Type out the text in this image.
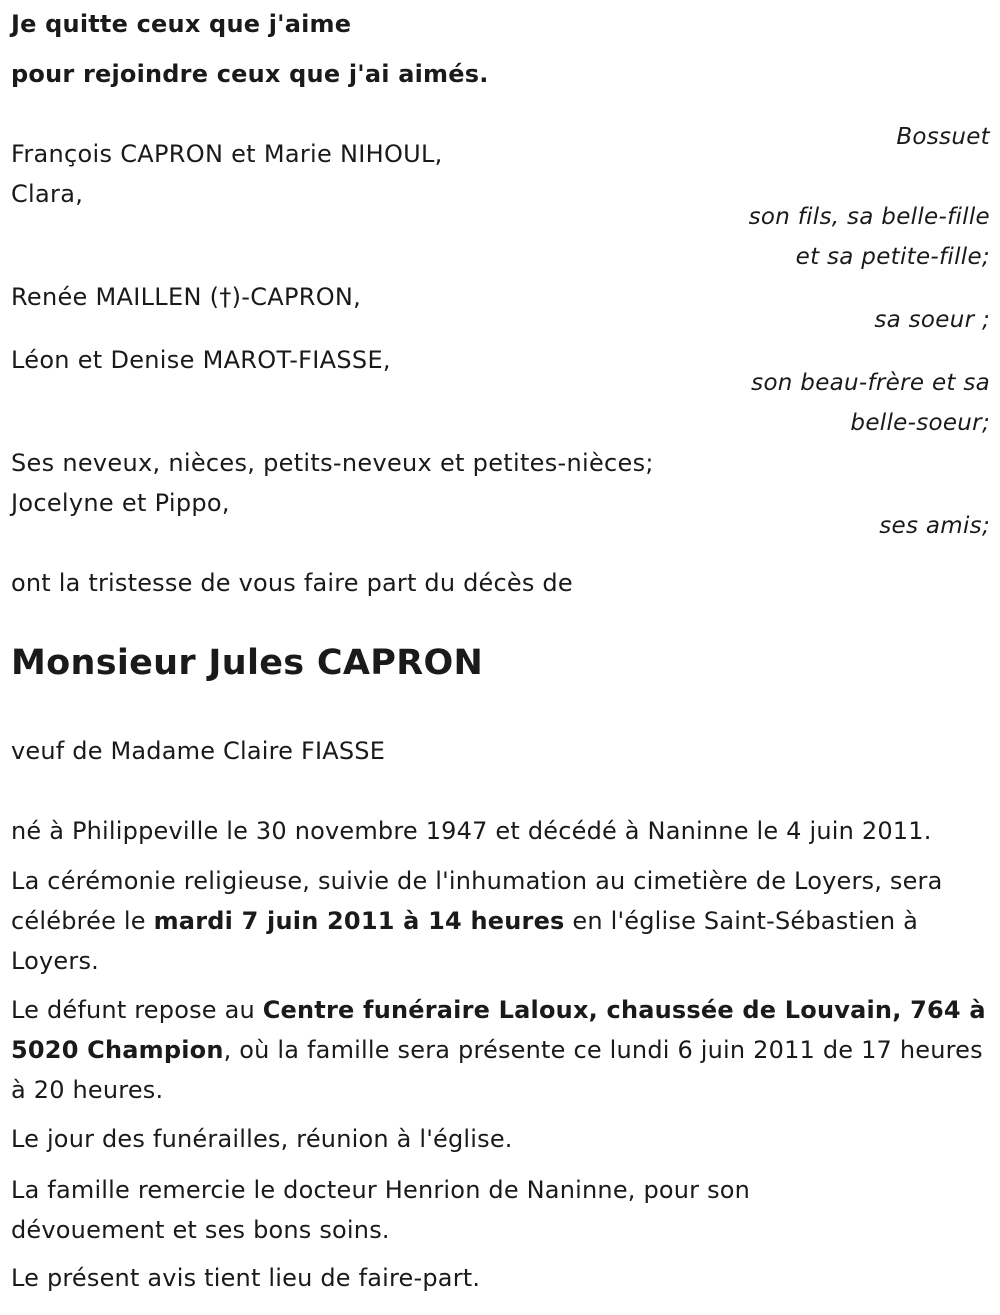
Je quitte ceux que j'aime
pour rejoindre ceux que j'ai aimés.
Bossuet
François CAPRON et Marie NIHOUL,
Clara,
son fils, sa belle-fille
et sa petite-fille;
Renée MAILLEN (†)-CAPRON,
sa soeur ;
Léon et Denise MAROT-FIASSE,
son beau-frère et sa
belle-soeur;
Ses neveux, nièces, petits-neveux et petites-nièces;
Jocelyne et Pippo,
ses amis;
ont la tristesse de vous faire part du décès de
Monsieur Jules CAPRON
veuf de Madame Claire FIASSE
né à Philippeville le 30 novembre 1947 et décédé à Naninne le 4 juin 2011.
La cérémonie religieuse, suivie de l'inhumation au cimetière de Loyers, sera célébrée le mardi 7 juin 2011 à 14 heures en l'église Saint-Sébastien à Loyers.
Le défunt repose au Centre funéraire Laloux, chaussée de Louvain, 764 à 5020 Champion, où la famille sera présente ce lundi 6 juin 2011 de 17 heures à 20 heures.
Le jour des funérailles, réunion à l'église.
La famille remercie le docteur Henrion de Naninne, pour son dévouement et ses bons soins.
Le présent avis tient lieu de faire-part.
